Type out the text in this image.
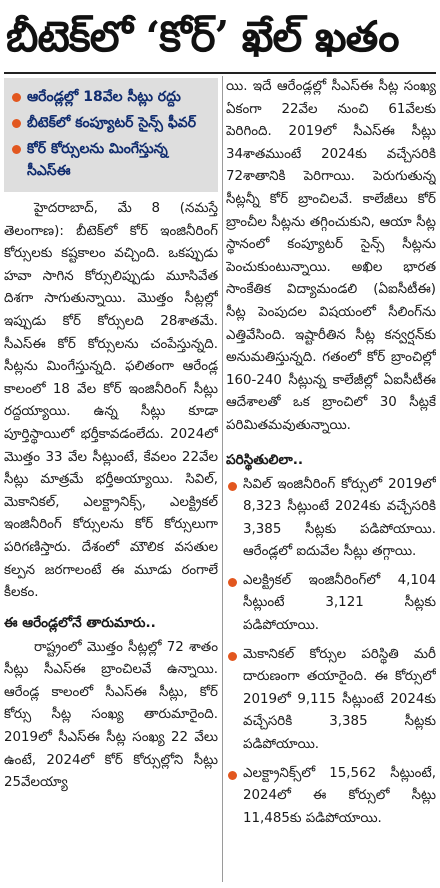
బీటెక్‌లో ‘కోర్‌’ ఖేల్‌ ఖతం
ఆరేండ్లల్లో 18వేల సీట్లు రద్దు
బీటెక్‌లో కంప్యూటర్‌ సైన్స్‌ ఫీవర్‌
కోర్‌ కోర్సులను మింగేస్తున్న సీఎస్‌ఈ

హైదరాబాద్‌, మే 8 (నమస్తే తెలంగాణ): బీటెక్‌లో కోర్‌ ఇంజినీరింగ్‌ కోర్సులకు కష్టకాలం వచ్చింది. ఒకప్పుడు హవా సాగిన కోర్సులిప్పుడు మూసివేత దిశగా సాగుతున్నాయి. మొత్తం సీట్లల్లో ఇప్పుడు కోర్‌ కోర్సులది 28శాతమే. సీఎస్‌ఈ కోర్‌ కోర్సులను చంపేస్తున్నది. సీట్లను మింగేస్తున్నది. ఫలితంగా ఆరేండ్ల కాలంలో 18 వేల కోర్‌ ఇంజినీరింగ్‌ సీట్లు రద్దయ్యాయి. ఉన్న సీట్లు కూడా పూర్తిస్థాయిలో భర్తీకావడంలేదు. 2024లో మొత్తం 33 వేల సీట్లుంటే, కేవలం 22వేల సీట్లు మాత్రమే భర్తీఅయ్యాయి. సివిల్‌, మెకానికల్‌, ఎలక్ట్రానిక్స్‌, ఎలక్ట్రికల్‌ ఇంజినీరింగ్‌ కోర్సులను కోర్‌ కోర్సులుగా పరిగణిస్తారు. దేశంలో మౌలిక వసతుల కల్పన జరగాలంటే ఈ మూడు రంగాలే కీలకం.

ఈ ఆరేండ్లలోనే తారుమారు..

రాష్ట్రంలో మొత్తం సీట్లల్లో 72 శాతం సీట్లు సీఎస్‌ఈ బ్రాంచిలవే ఉన్నాయి. ఆరేండ్ల కాలంలో సీఎస్‌ఈ సీట్లు, కోర్‌ కోర్సు సీట్ల సంఖ్య తారుమారైంది. 2019లో సీఎస్‌ఈ సీట్ల సంఖ్య 22 వేలు ఉంటే, 2024లో కోర్‌ కోర్సుల్లోని సీట్లు 25వేలయ్యా

యి. ఇదే ఆరేండ్లల్లో సీఎస్‌ఈ సీట్ల సంఖ్య ఏకంగా 22వేల నుంచి 61వేలకు పెరిగింది. 2019లో సీఎస్‌ఈ సీట్లు 34శాతముంటే 2024కు వచ్చేసరికి 72శాతానికి పెరిగాయి. పెరుగుతున్న సీట్లన్నీ కోర్‌ బ్రాంచిలవే. కాలేజీలు కోర్‌ బ్రాంచీల సీట్లను తగ్గించుకుని, ఆయా సీట్ల స్థానంలో కంప్యూటర్‌ సైన్స్‌ సీట్లను పెంచుకుంటున్నాయి. అఖిల భారత సాంకేతిక విద్యామండలి (ఏఐసీటీఈ) సీట్ల పెంపుదల విషయంలో సీలింగ్‌ను ఎత్తివేసింది. ఇష్టారీతిన సీట్ల కన్వర్షన్‌కు అనుమతిస్తున్నది. గతంలో కోర్‌ బ్రాంచిల్లో 160-240 సీట్లున్న కాలేజీల్లో ఏఐసీటీఈ ఆదేశాలతో ఒక బ్రాంచిలో 30 సీట్లకే పరిమితమవుతున్నాయి.

పరిస్థితులిలా..

సివిల్‌ ఇంజినీరింగ్‌ కోర్సులో 2019లో 8,323 సీట్లుంటే 2024కు వచ్చేసరికి 3,385 సీట్లకు పడిపోయాయి. ఆరేండ్లలో ఐదువేల సీట్లు తగ్గాయి.

ఎలక్ట్రికల్‌ ఇంజినీరింగ్‌లో 4,104 సీట్లుంటే 3,121 సీట్లకు పడిపోయాయి.

మెకానికల్‌ కోర్సుల పరిస్థితి మరీ దారుణంగా తయారైంది. ఈ కోర్సులో 2019లో 9,115 సీట్లుంటే 2024కు వచ్చేసరికి 3,385 సీట్లకు పడిపోయాయి.

ఎలక్ట్రానిక్స్‌లో 15,562 సీట్లుంటే, 2024లో ఈ కోర్సులో సీట్లు 11,485కు పడిపోయాయి.
